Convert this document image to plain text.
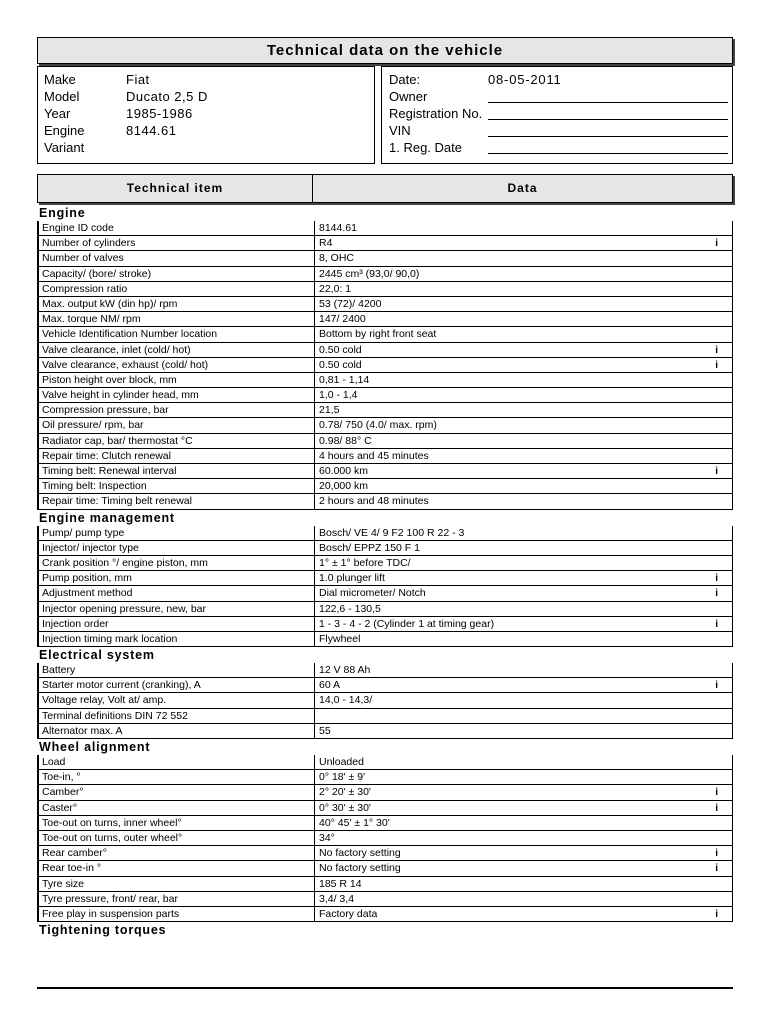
Technical data on the vehicle
Make	Fiat
Model	Ducato 2,5 D
Year	1985-1986
Engine	8144.61
Variant
Date:	08-05-2011
Owner
Registration No.
VIN
1. Reg. Date
Technical item	Data
Engine
Engine ID code	8144.61
Number of cylinders	R4	i
Number of valves	8, OHC
Capacity/ (bore/ stroke)	2445 cm³ (93,0/ 90,0)
Compression ratio	22,0: 1
Max. output kW (din hp)/ rpm	53 (72)/ 4200
Max. torque NM/ rpm	147/ 2400
Vehicle Identification Number location	Bottom by right front seat
Valve clearance, inlet (cold/ hot)	0.50 cold	i
Valve clearance, exhaust (cold/ hot)	0.50 cold	i
Piston height over block, mm	0,81 - 1,14
Valve height in cylinder head, mm	1,0 - 1,4
Compression pressure, bar	21,5
Oil pressure/ rpm, bar	0.78/ 750 (4.0/ max. rpm)
Radiator cap, bar/ thermostat °C	0.98/ 88° C
Repair time: Clutch renewal	4 hours and 45 minutes
Timing belt: Renewal interval	60.000 km	i
Timing belt: Inspection	20,000 km
Repair time: Timing belt renewal	2 hours and 48 minutes
Engine management
Pump/ pump type	Bosch/ VE 4/ 9 F2 100 R 22 - 3
Injector/ injector type	Bosch/ EPPZ 150 F 1
Crank position °/ engine piston, mm	1° ± 1° before TDC/
Pump position, mm	1.0 plunger lift	i
Adjustment method	Dial micrometer/ Notch	i
Injector opening pressure, new, bar	122,6 - 130,5
Injection order	1 - 3 - 4 - 2 (Cylinder 1 at timing gear)	i
Injection timing mark location	Flywheel
Electrical system
Battery	12 V 88 Ah
Starter motor current (cranking), A	60 A	i
Voltage relay, Volt at/ amp.	14,0 - 14,3/
Terminal definitions DIN 72 552
Alternator max. A	55
Wheel alignment
Load	Unloaded
Toe-in, °	0° 18' ± 9'
Camber°	2° 20' ± 30'	i
Caster°	0° 30' ± 30'	i
Toe-out on turns, inner wheel°	40° 45' ± 1° 30'
Toe-out on turns, outer wheel°	34°
Rear camber°	No factory setting	i
Rear toe-in °	No factory setting	i
Tyre size	185 R 14
Tyre pressure, front/ rear, bar	3,4/ 3,4
Free play in suspension parts	Factory data	i
Tightening torques
